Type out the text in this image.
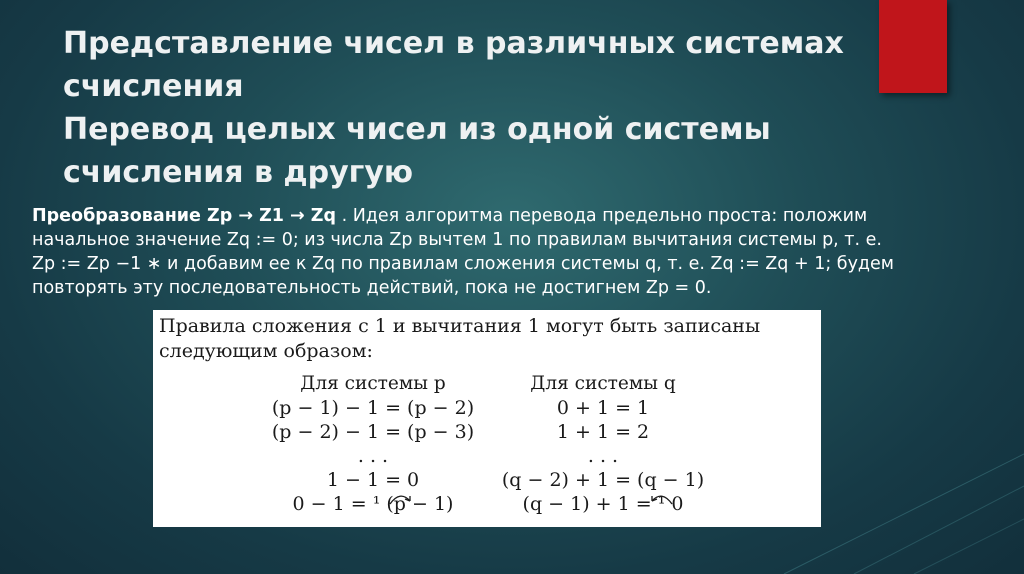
Представление чисел в различных системах
счисления
Перевод целых чисел из одной системы
счисления в другую
Преобразование Zp → Z1 → Zq . Идея алгоритма перевода предельно проста: положим
начальное значение Zq := 0; из числа Zp вычтем 1 по правилам вычитания системы р, т. е.
Zp := Zp −1 ∗ и добавим ее к Zq по правилам сложения системы q, т. е. Zq := Zq + 1; будем
повторять эту последовательность действий, пока не достигнем Zp = 0.
Правила сложения с 1 и вычитания 1 могут быть записаны
следующим образом:
Для системы p
(p − 1) − 1 = (p − 2)
(p − 2) − 1 = (p − 3)
. . .
1 − 1 = 0
0 − 1 = ¹ (p − 1)
Для системы q
0 + 1 = 1
1 + 1 = 2
. . .
(q − 2) + 1 = (q − 1)
(q − 1) + 1 = ¹ 0
